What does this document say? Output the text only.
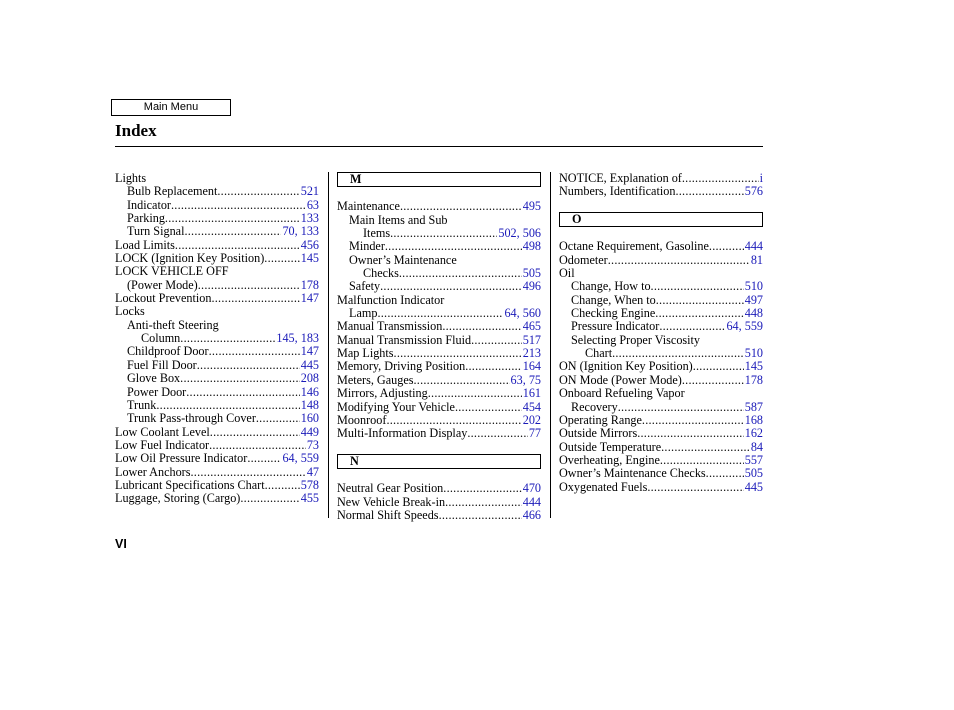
Main Menu
Index
Lights
Bulb Replacement . . .	521
Indicator . . .	63
Parking . . .	133
Turn Signal . . .	70, 133
Load Limits . . .	456
LOCK (Ignition Key Position) . . .	145
LOCK VEHICLE OFF
(Power Mode) . . .	178
Lockout Prevention . . .	147
Locks
Anti-theft Steering
Column . . .	145, 183
Childproof Door . . .	147
Fuel Fill Door . . .	445
Glove Box . . .	208
Power Door . . .	146
Trunk . . .	148
Trunk Pass-through Cover . . .	160
Low Coolant Level . . .	449
Low Fuel Indicator . . .	73
Low Oil Pressure Indicator . . .	64, 559
Lower Anchors . . .	47
Lubricant Specifications Chart . . .	578
Luggage, Storing (Cargo) . . .	455
M
Maintenance . . .	495
Main Items and Sub
Items . . .	502, 506
Minder . . .	498
Owner’s Maintenance
Checks . . .	505
Safety . . .	496
Malfunction Indicator
Lamp . . .	64, 560
Manual Transmission . . .	465
Manual Transmission Fluid . . .	517
Map Lights . . .	213
Memory, Driving Position . . .	164
Meters, Gauges . . .	63, 75
Mirrors, Adjusting . . .	161
Modifying Your Vehicle . . .	454
Moonroof . . .	202
Multi-Information Display . . .	77
N
Neutral Gear Position . . .	470
New Vehicle Break-in . . .	444
Normal Shift Speeds . . .	466
NOTICE, Explanation of . . .	i
Numbers, Identification . . .	576
O
Octane Requirement, Gasoline . . .	444
Odometer . . .	81
Oil
Change, How to . . .	510
Change, When to . . .	497
Checking Engine . . .	448
Pressure Indicator . . .	64, 559
Selecting Proper Viscosity
Chart . . .	510
ON (Ignition Key Position) . . .	145
ON Mode (Power Mode) . . .	178
Onboard Refueling Vapor
Recovery . . .	587
Operating Range . . .	168
Outside Mirrors . . .	162
Outside Temperature . . .	84
Overheating, Engine . . .	557
Owner’s Maintenance Checks . . .	505
Oxygenated Fuels . . .	445
VI
